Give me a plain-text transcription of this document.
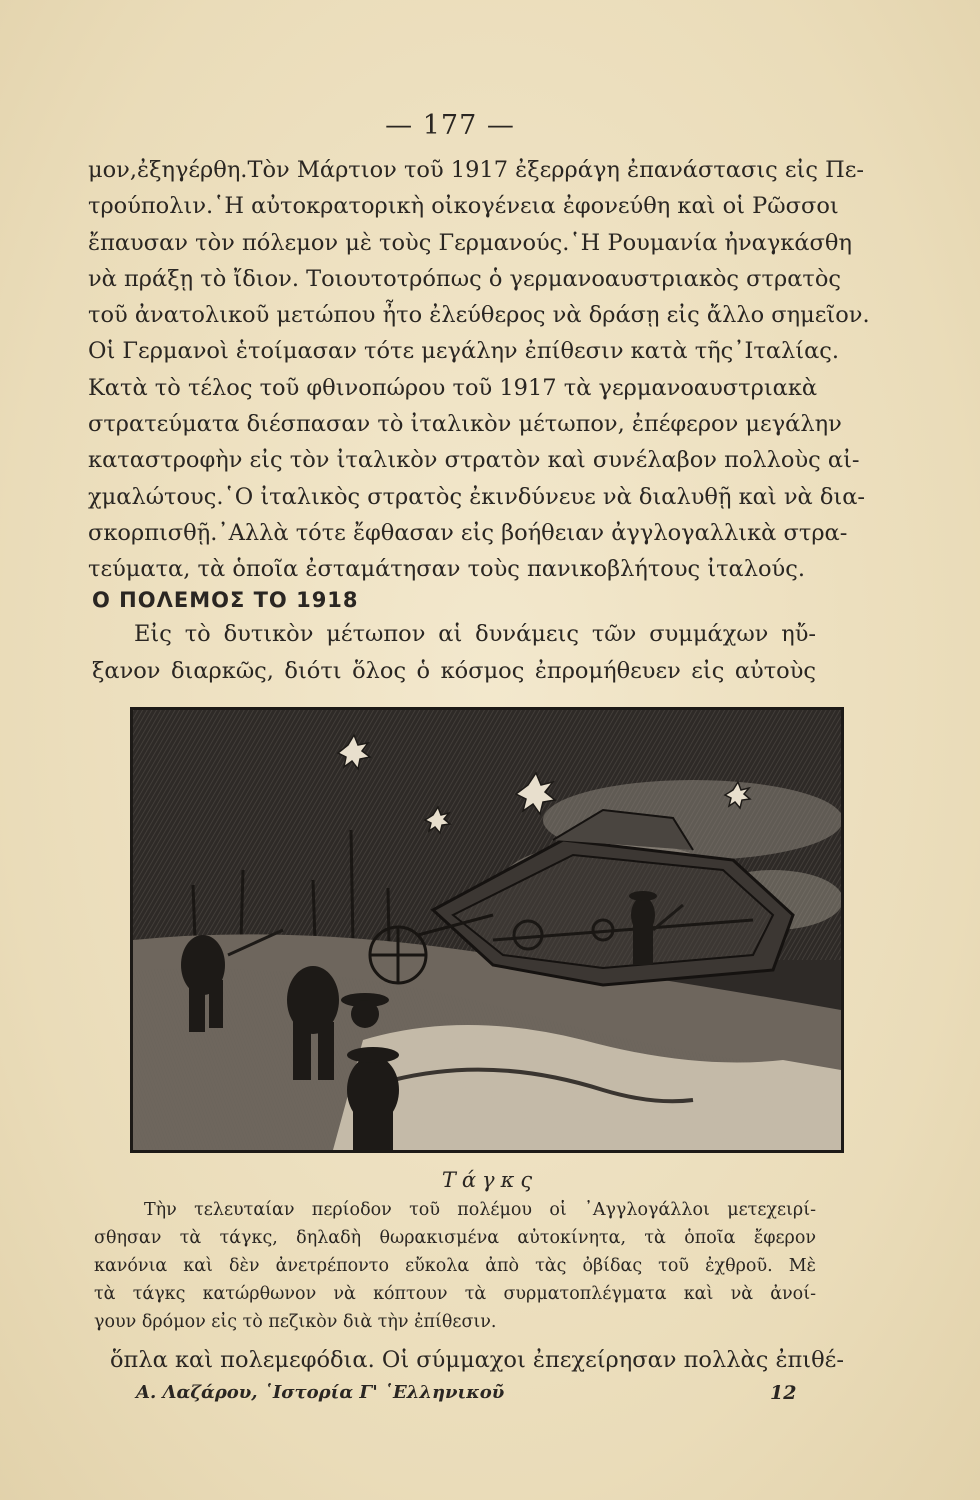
— 177 —
μον,ἐξηγέρθη.Τὸν Μάρτιον τοῦ 1917 ἐξερράγη ἐπανάστασις εἰς Πε-
τρούπολιν.῾Η αὐτοκρατορικὴ οἰκογένεια ἐφονεύθη καὶ οἱ Ρῶσσοι
ἔπαυσαν τὸν πόλεμον μὲ τοὺς Γερμανούς.῾Η Ρουμανία ἠναγκάσθη
νὰ πράξῃ τὸ ἴδιον. Τοιουτοτρόπως ὁ γερμανοαυστριακὸς στρατὸς
τοῦ ἀνατολικοῦ μετώπου ἦτο ἐλεύθερος νὰ δράσῃ εἰς ἄλλο σημεῖον.
Οἱ Γερμανοὶ ἑτοίμασαν τότε μεγάλην ἐπίθεσιν κατὰ τῆς᾿Ιταλίας.
Κατὰ τὸ τέλος τοῦ φθινοπώρου τοῦ 1917 τὰ γερμανοαυστριακὰ
στρατεύματα διέσπασαν τὸ ἰταλικὸν μέτωπον, ἐπέφερον μεγάλην
καταστροφὴν εἰς τὸν ἰταλικὸν στρατὸν καὶ συνέλαβον πολλοὺς αἰ-
χμαλώτους.῾Ο ἰταλικὸς στρατὸς ἐκινδύνευε νὰ διαλυθῇ καὶ νὰ δια-
σκορπισθῇ.᾿Αλλὰ τότε ἔφθασαν εἰς βοήθειαν ἀγγλογαλλικὰ στρα-
τεύματα, τὰ ὁποῖα ἐσταμάτησαν τοὺς πανικοβλήτους ἰταλούς.
Ο ΠΟΛΕΜΟΣ ΤΟ 1918
Εἰς τὸ δυτικὸν μέτωπον αἱ δυνάμεις τῶν συμμάχων ηὔ-
ξανον διαρκῶς, διότι ὅλος ὁ κόσμος ἐπρομήθευεν εἰς αὐτοὺς
Τάγκς
Τὴν τελευταίαν περίοδον τοῦ πολέμου οἱ ᾿Αγγλογάλλοι μετεχειρί-
σθησαν τὰ τάγκς, δηλαδὴ θωρακισμένα αὐτοκίνητα, τὰ ὁποῖα ἔφερον
κανόνια καὶ δὲν ἀνετρέποντο εὔκολα ἀπὸ τὰς ὀβίδας τοῦ ἐχθροῦ. Μὲ
τὰ τάγκς κατώρθωνον νὰ κόπτουν τὰ συρματοπλέγματα καὶ νὰ ἀνοί-
γουν δρόμον εἰς τὸ πεζικὸν διὰ τὴν ἐπίθεσιν.
ὅπλα καὶ πολεμεφόδια. Οἱ σύμμαχοι ἐπεχείρησαν πολλὰς ἐπιθέ-
Α. Λαζάρου, ῾Ιστορία Γ' ῾Ελληνικοῦ	12
